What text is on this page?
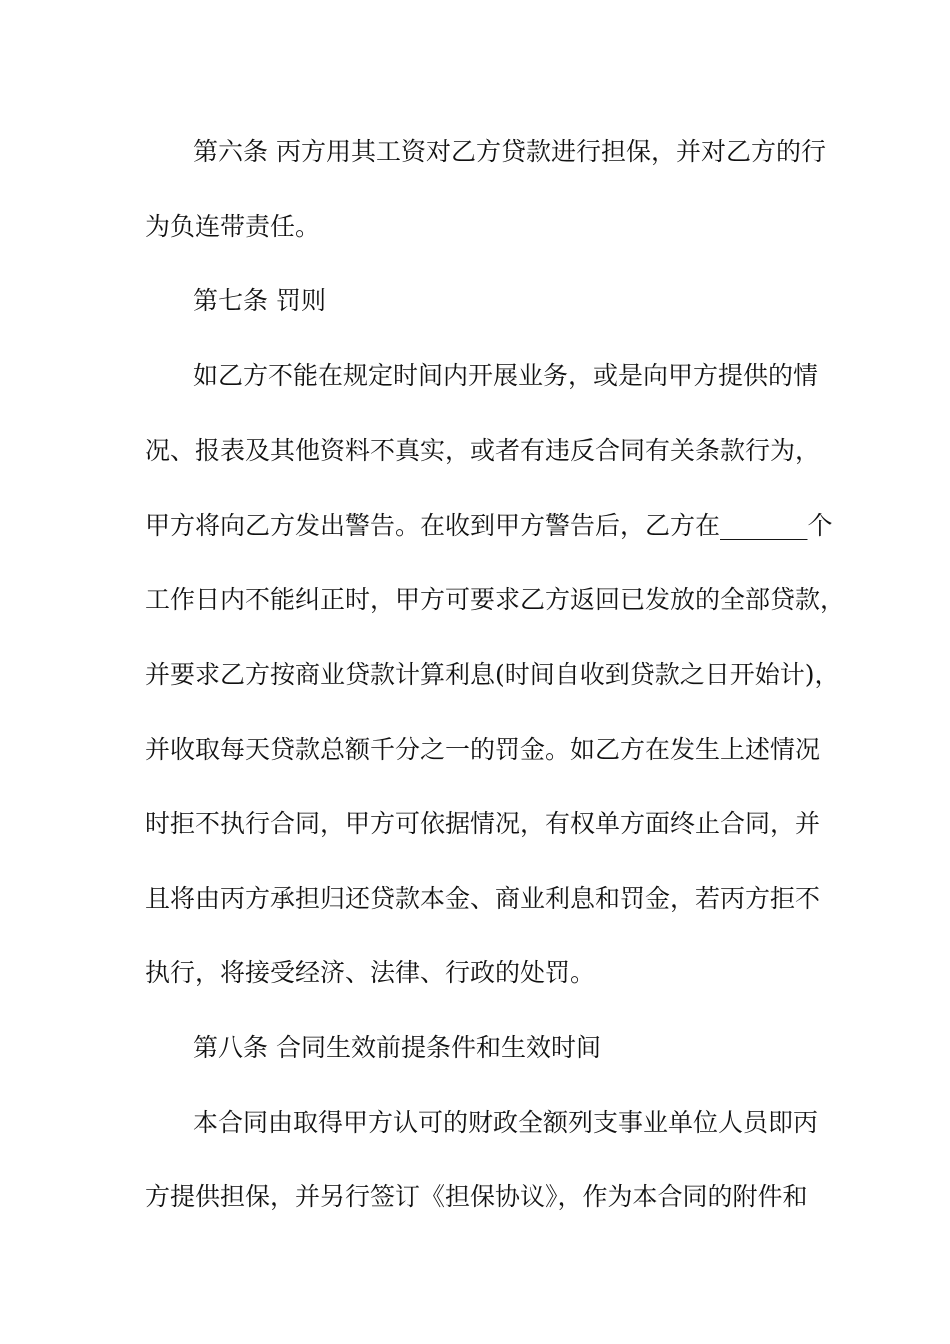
第六条 丙方用其工资对乙方贷款进行担保，并对乙方的行
为负连带责任。
第七条 罚则
如乙方不能在规定时间内开展业务，或是向甲方提供的情
况、报表及其他资料不真实，或者有违反合同有关条款行为，
甲方将向乙方发出警告。在收到甲方警告后，乙方在_______个
工作日内不能纠正时，甲方可要求乙方返回已发放的全部贷款，
并要求乙方按商业贷款计算利息(时间自收到贷款之日开始计)，
并收取每天贷款总额千分之一的罚金。如乙方在发生上述情况
时拒不执行合同，甲方可依据情况，有权单方面终止合同，并
且将由丙方承担归还贷款本金、商业利息和罚金，若丙方拒不
执行，将接受经济、法律、行政的处罚。
第八条 合同生效前提条件和生效时间
本合同由取得甲方认可的财政全额列支事业单位人员即丙
方提供担保，并另行签订《担保协议》，作为本合同的附件和
